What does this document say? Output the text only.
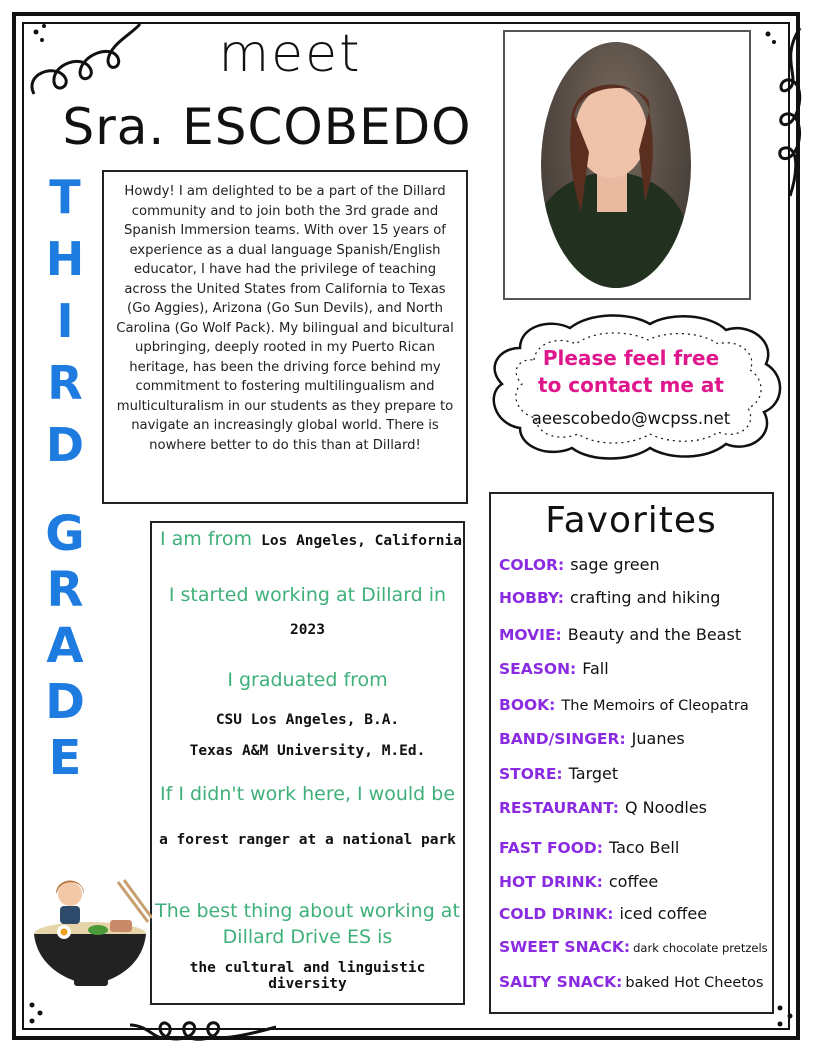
meet
Sra. ESCOBEDO
T
H
I
R
D
G
R
A
D
E

Howdy! I am delighted to be a part of the Dillard community and to join both the 3rd grade and Spanish Immersion teams. With over 15 years of experience as a dual language Spanish/English educator, I have had the privilege of teaching across the United States from California to Texas (Go Aggies), Arizona (Go Sun Devils), and North Carolina (Go Wolf Pack). My bilingual and bicultural upbringing, deeply rooted in my Puerto Rican heritage, has been the driving force behind my commitment to fostering multilingualism and multiculturalism in our students as they prepare to navigate an increasingly global world. There is nowhere better to do this than at Dillard!

Please feel free
to contact me at
aeescobedo@wcpss.net
I am from Los Angeles, California
I started working at Dillard in
2023
I graduated from
CSU Los Angeles, B.A.
Texas A&M University, M.Ed.
If I didn't work here, I would be
a forest ranger at a national park
The best thing about working at
Dillard Drive ES is
the cultural and linguistic diversity
Favorites
COLOR: sage green
HOBBY: crafting and hiking
MOVIE: Beauty and the Beast
SEASON: Fall
BOOK: The Memoirs of Cleopatra
BAND/SINGER: Juanes
STORE: Target
RESTAURANT: Q Noodles
FAST FOOD: Taco Bell
HOT DRINK: coffee
COLD DRINK: iced coffee
SWEET SNACK: dark chocolate pretzels
SALTY SNACK: baked Hot Cheetos
